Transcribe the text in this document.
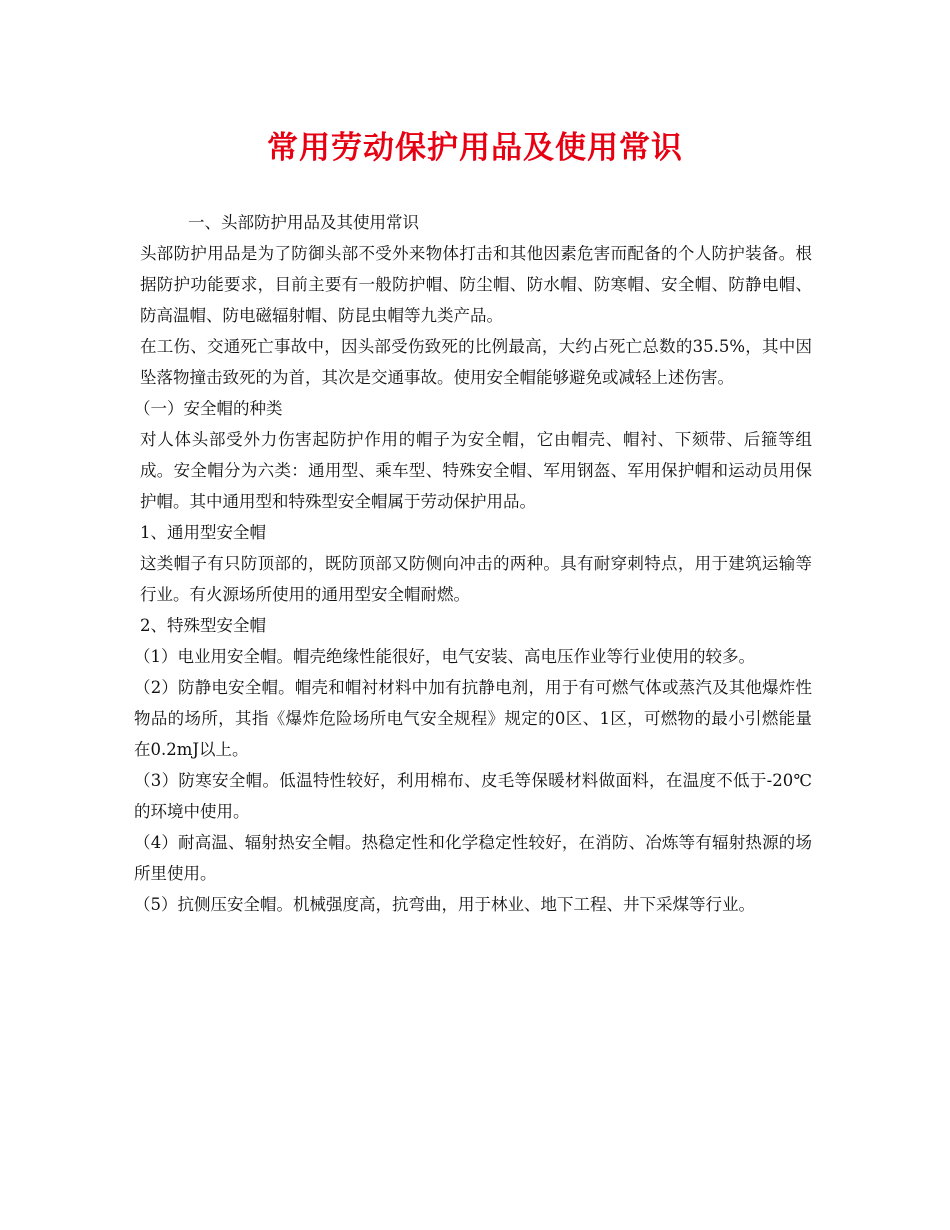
常用劳动保护用品及使用常识

一、头部防护用品及其使用常识

头部防护用品是为了防御头部不受外来物体打击和其他因素危害而配备的个人防护装备。根据防护功能要求，目前主要有一般防护帽、防尘帽、防水帽、防寒帽、安全帽、防静电帽、防高温帽、防电磁辐射帽、防昆虫帽等九类产品。

在工伤、交通死亡事故中，因头部受伤致死的比例最高，大约占死亡总数的35.5%，其中因坠落物撞击致死的为首，其次是交通事故。使用安全帽能够避免或减轻上述伤害。

（一）安全帽的种类

对人体头部受外力伤害起防护作用的帽子为安全帽，它由帽壳、帽衬、下颏带、后箍等组成。安全帽分为六类：通用型、乘车型、特殊安全帽、军用钢盔、军用保护帽和运动员用保护帽。其中通用型和特殊型安全帽属于劳动保护用品。

1、通用型安全帽

这类帽子有只防顶部的，既防顶部又防侧向冲击的两种。具有耐穿刺特点，用于建筑运输等行业。有火源场所使用的通用型安全帽耐燃。

2、特殊型安全帽

（1）电业用安全帽。帽壳绝缘性能很好，电气安装、高电压作业等行业使用的较多。

（2）防静电安全帽。帽壳和帽衬材料中加有抗静电剂，用于有可燃气体或蒸汽及其他爆炸性物品的场所，其指《爆炸危险场所电气安全规程》规定的0区、1区，可燃物的最小引燃能量在0.2mJ以上。

（3）防寒安全帽。低温特性较好，利用棉布、皮毛等保暖材料做面料，在温度不低于-20℃的环境中使用。

（4）耐高温、辐射热安全帽。热稳定性和化学稳定性较好，在消防、冶炼等有辐射热源的场所里使用。

（5）抗侧压安全帽。机械强度高，抗弯曲，用于林业、地下工程、井下采煤等行业。
